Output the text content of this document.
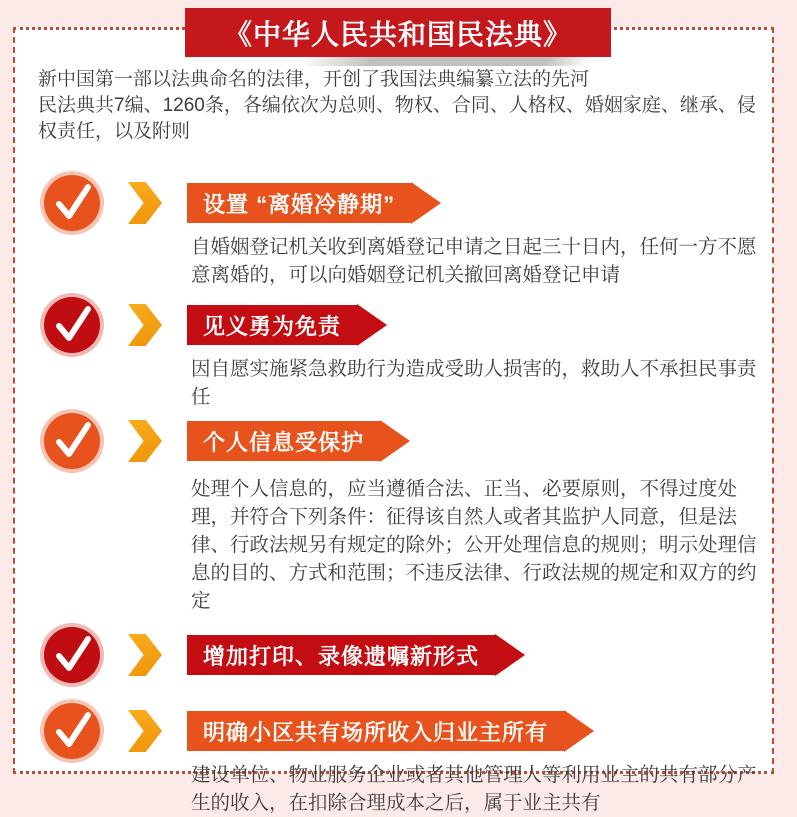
《中华人民共和国民法典》

新中国第一部以法典命名的法律，开创了我国法典编纂立法的先河

民法典共7编、1260条，各编依次为总则、物权、合同、人格权、婚姻家庭、继承、侵权责任，以及附则

设置 “离婚冷静期”
自婚姻登记机关收到离婚登记申请之日起三十日内，任何一方不愿意离婚的，可以向婚姻登记机关撤回离婚登记申请
见义勇为免责
因自愿实施紧急救助行为造成受助人损害的，救助人不承担民事责任
个人信息受保护
处理个人信息的，应当遵循合法、正当、必要原则，不得过度处理，并符合下列条件：征得该自然人或者其监护人同意，但是法律、行政法规另有规定的除外；公开处理信息的规则；明示处理信息的目的、方式和范围；不违反法律、行政法规的规定和双方的约定
增加打印、录像遗嘱新形式
明确小区共有场所收入归业主所有
建设单位、物业服务企业或者其他管理人等利用业主的共有部分产生的收入，在扣除合理成本之后，属于业主共有
